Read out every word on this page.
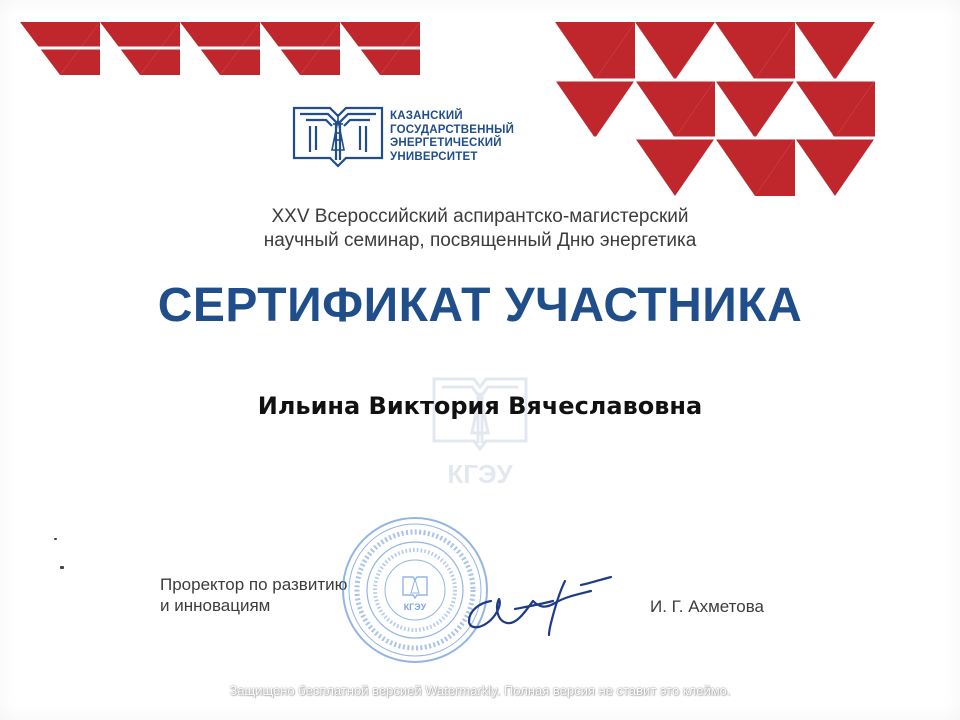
КАЗАНСКИЙ
ГОСУДАРСТВЕННЫЙ
ЭНЕРГЕТИЧЕСКИЙ
УНИВЕРСИТЕТ
XXV Всероссийский аспирантско-магистерский
научный семинар, посвященный Дню энергетика
СЕРТИФИКАТ УЧАСТНИКА
КГЭУ
Ильина Виктория Вячеславовна
Проректор по развитию
и инновациям	КГЭУ	И. Г. Ахметова
Защищено бесплатной версией Watermarkly. Полная версия не ставит это клеймо.
